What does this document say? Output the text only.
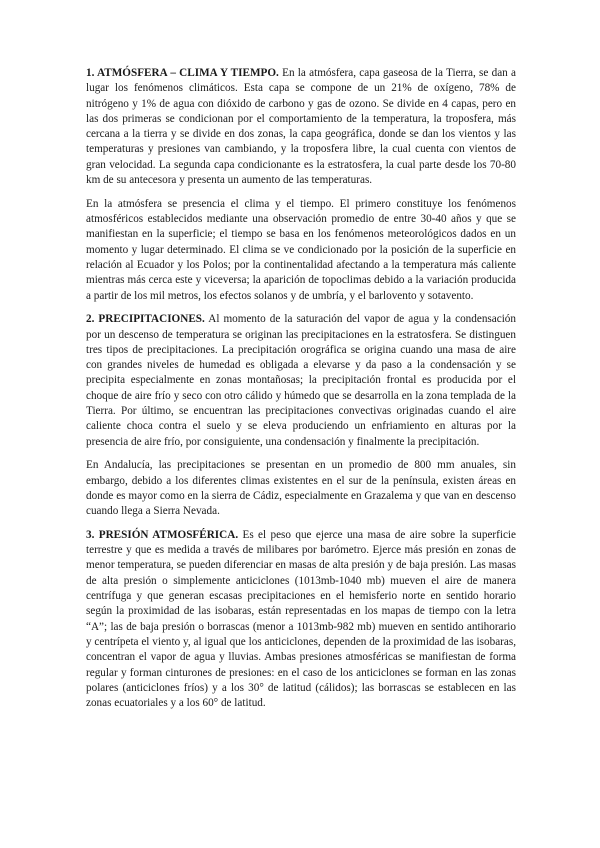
1. ATMÓSFERA – CLIMA Y TIEMPO. En la atmósfera, capa gaseosa de la Tierra, se dan a lugar los fenómenos climáticos. Esta capa se compone de un 21% de oxígeno, 78% de nitrógeno y 1% de agua con dióxido de carbono y gas de ozono. Se divide en 4 capas, pero en las dos primeras se condicionan por el comportamiento de la temperatura, la troposfera, más cercana a la tierra y se divide en dos zonas, la capa geográfica, donde se dan los vientos y las temperaturas y presiones van cambiando, y la troposfera libre, la cual cuenta con vientos de gran velocidad. La segunda capa condicionante es la estratosfera, la cual parte desde los 70-80 km de su antecesora y presenta un aumento de las temperaturas.

En la atmósfera se presencia el clima y el tiempo. El primero constituye los fenómenos atmosféricos establecidos mediante una observación promedio de entre 30-40 años y que se manifiestan en la superficie; el tiempo se basa en los fenómenos meteorológicos dados en un momento y lugar determinado. El clima se ve condicionado por la posición de la superficie en relación al Ecuador y los Polos; por la continentalidad afectando a la temperatura más caliente mientras más cerca este y viceversa; la aparición de topoclimas debido a la variación producida a partir de los mil metros, los efectos solanos y de umbría, y el barlovento y sotavento.

2. PRECIPITACIONES. Al momento de la saturación del vapor de agua y la condensación por un descenso de temperatura se originan las precipitaciones en la estratosfera. Se distinguen tres tipos de precipitaciones. La precipitación orográfica se origina cuando una masa de aire con grandes niveles de humedad es obligada a elevarse y da paso a la condensación y se precipita especialmente en zonas montañosas; la precipitación frontal es producida por el choque de aire frío y seco con otro cálido y húmedo que se desarrolla en la zona templada de la Tierra. Por último, se encuentran las precipitaciones convectivas originadas cuando el aire caliente choca contra el suelo y se eleva produciendo un enfriamiento en alturas por la presencia de aire frío, por consiguiente, una condensación y finalmente la precipitación.

En Andalucía, las precipitaciones se presentan en un promedio de 800 mm anuales, sin embargo, debido a los diferentes climas existentes en el sur de la península, existen áreas en donde es mayor como en la sierra de Cádiz, especialmente en Grazalema y que van en descenso cuando llega a Sierra Nevada.

3. PRESIÓN ATMOSFÉRICA. Es el peso que ejerce una masa de aire sobre la superficie terrestre y que es medida a través de milibares por barómetro. Ejerce más presión en zonas de menor temperatura, se pueden diferenciar en masas de alta presión y de baja presión. Las masas de alta presión o simplemente anticiclones (1013mb-1040 mb) mueven el aire de manera centrífuga y que generan escasas precipitaciones en el hemisferio norte en sentido horario según la proximidad de las isobaras, están representadas en los mapas de tiempo con la letra “A”; las de baja presión o borrascas (menor a 1013mb-982 mb) mueven en sentido antihorario y centrípeta el viento y, al igual que los anticiclones, dependen de la proximidad de las isobaras, concentran el vapor de agua y lluvias. Ambas presiones atmosféricas se manifiestan de forma regular y forman cinturones de presiones: en el caso de los anticiclones se forman en las zonas polares (anticiclones fríos) y a los 30° de latitud (cálidos); las borrascas se establecen en las zonas ecuatoriales y a los 60° de latitud.
